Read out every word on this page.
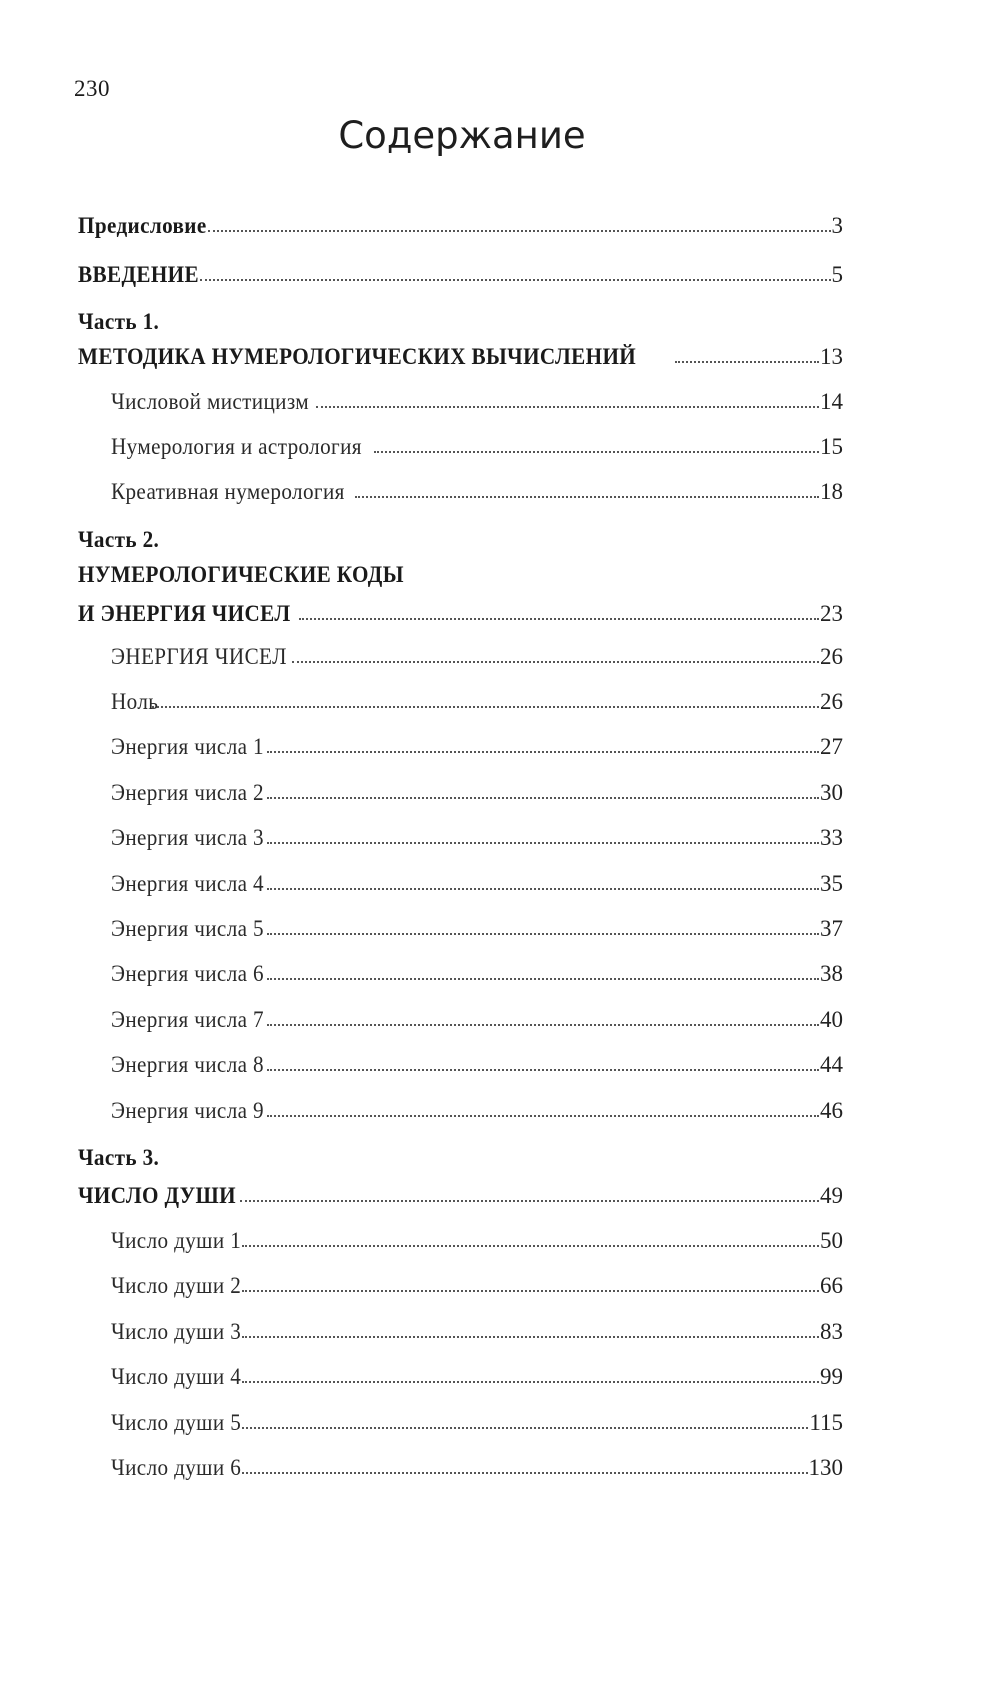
230
Содержание
Предисловие	3
ВВЕДЕНИЕ	5
Часть 1.
МЕТОДИКА НУМЕРОЛОГИЧЕСКИХ ВЫЧИСЛЕНИЙ	13
Числовой мистицизм	14
Нумерология и астрология	15
Креативная нумерология	18
Часть 2.
НУМЕРОЛОГИЧЕСКИЕ КОДЫ
И ЭНЕРГИЯ ЧИСЕЛ	23
ЭНЕРГИЯ ЧИСЕЛ	26
Ноль	26
Энергия числа 1	27
Энергия числа 2	30
Энергия числа 3	33
Энергия числа 4	35
Энергия числа 5	37
Энергия числа 6	38
Энергия числа 7	40
Энергия числа 8	44
Энергия числа 9	46
Часть 3.
ЧИСЛО ДУШИ	49
Число души 1	50
Число души 2	66
Число души 3	83
Число души 4	99
Число души 5	115
Число души 6	130
